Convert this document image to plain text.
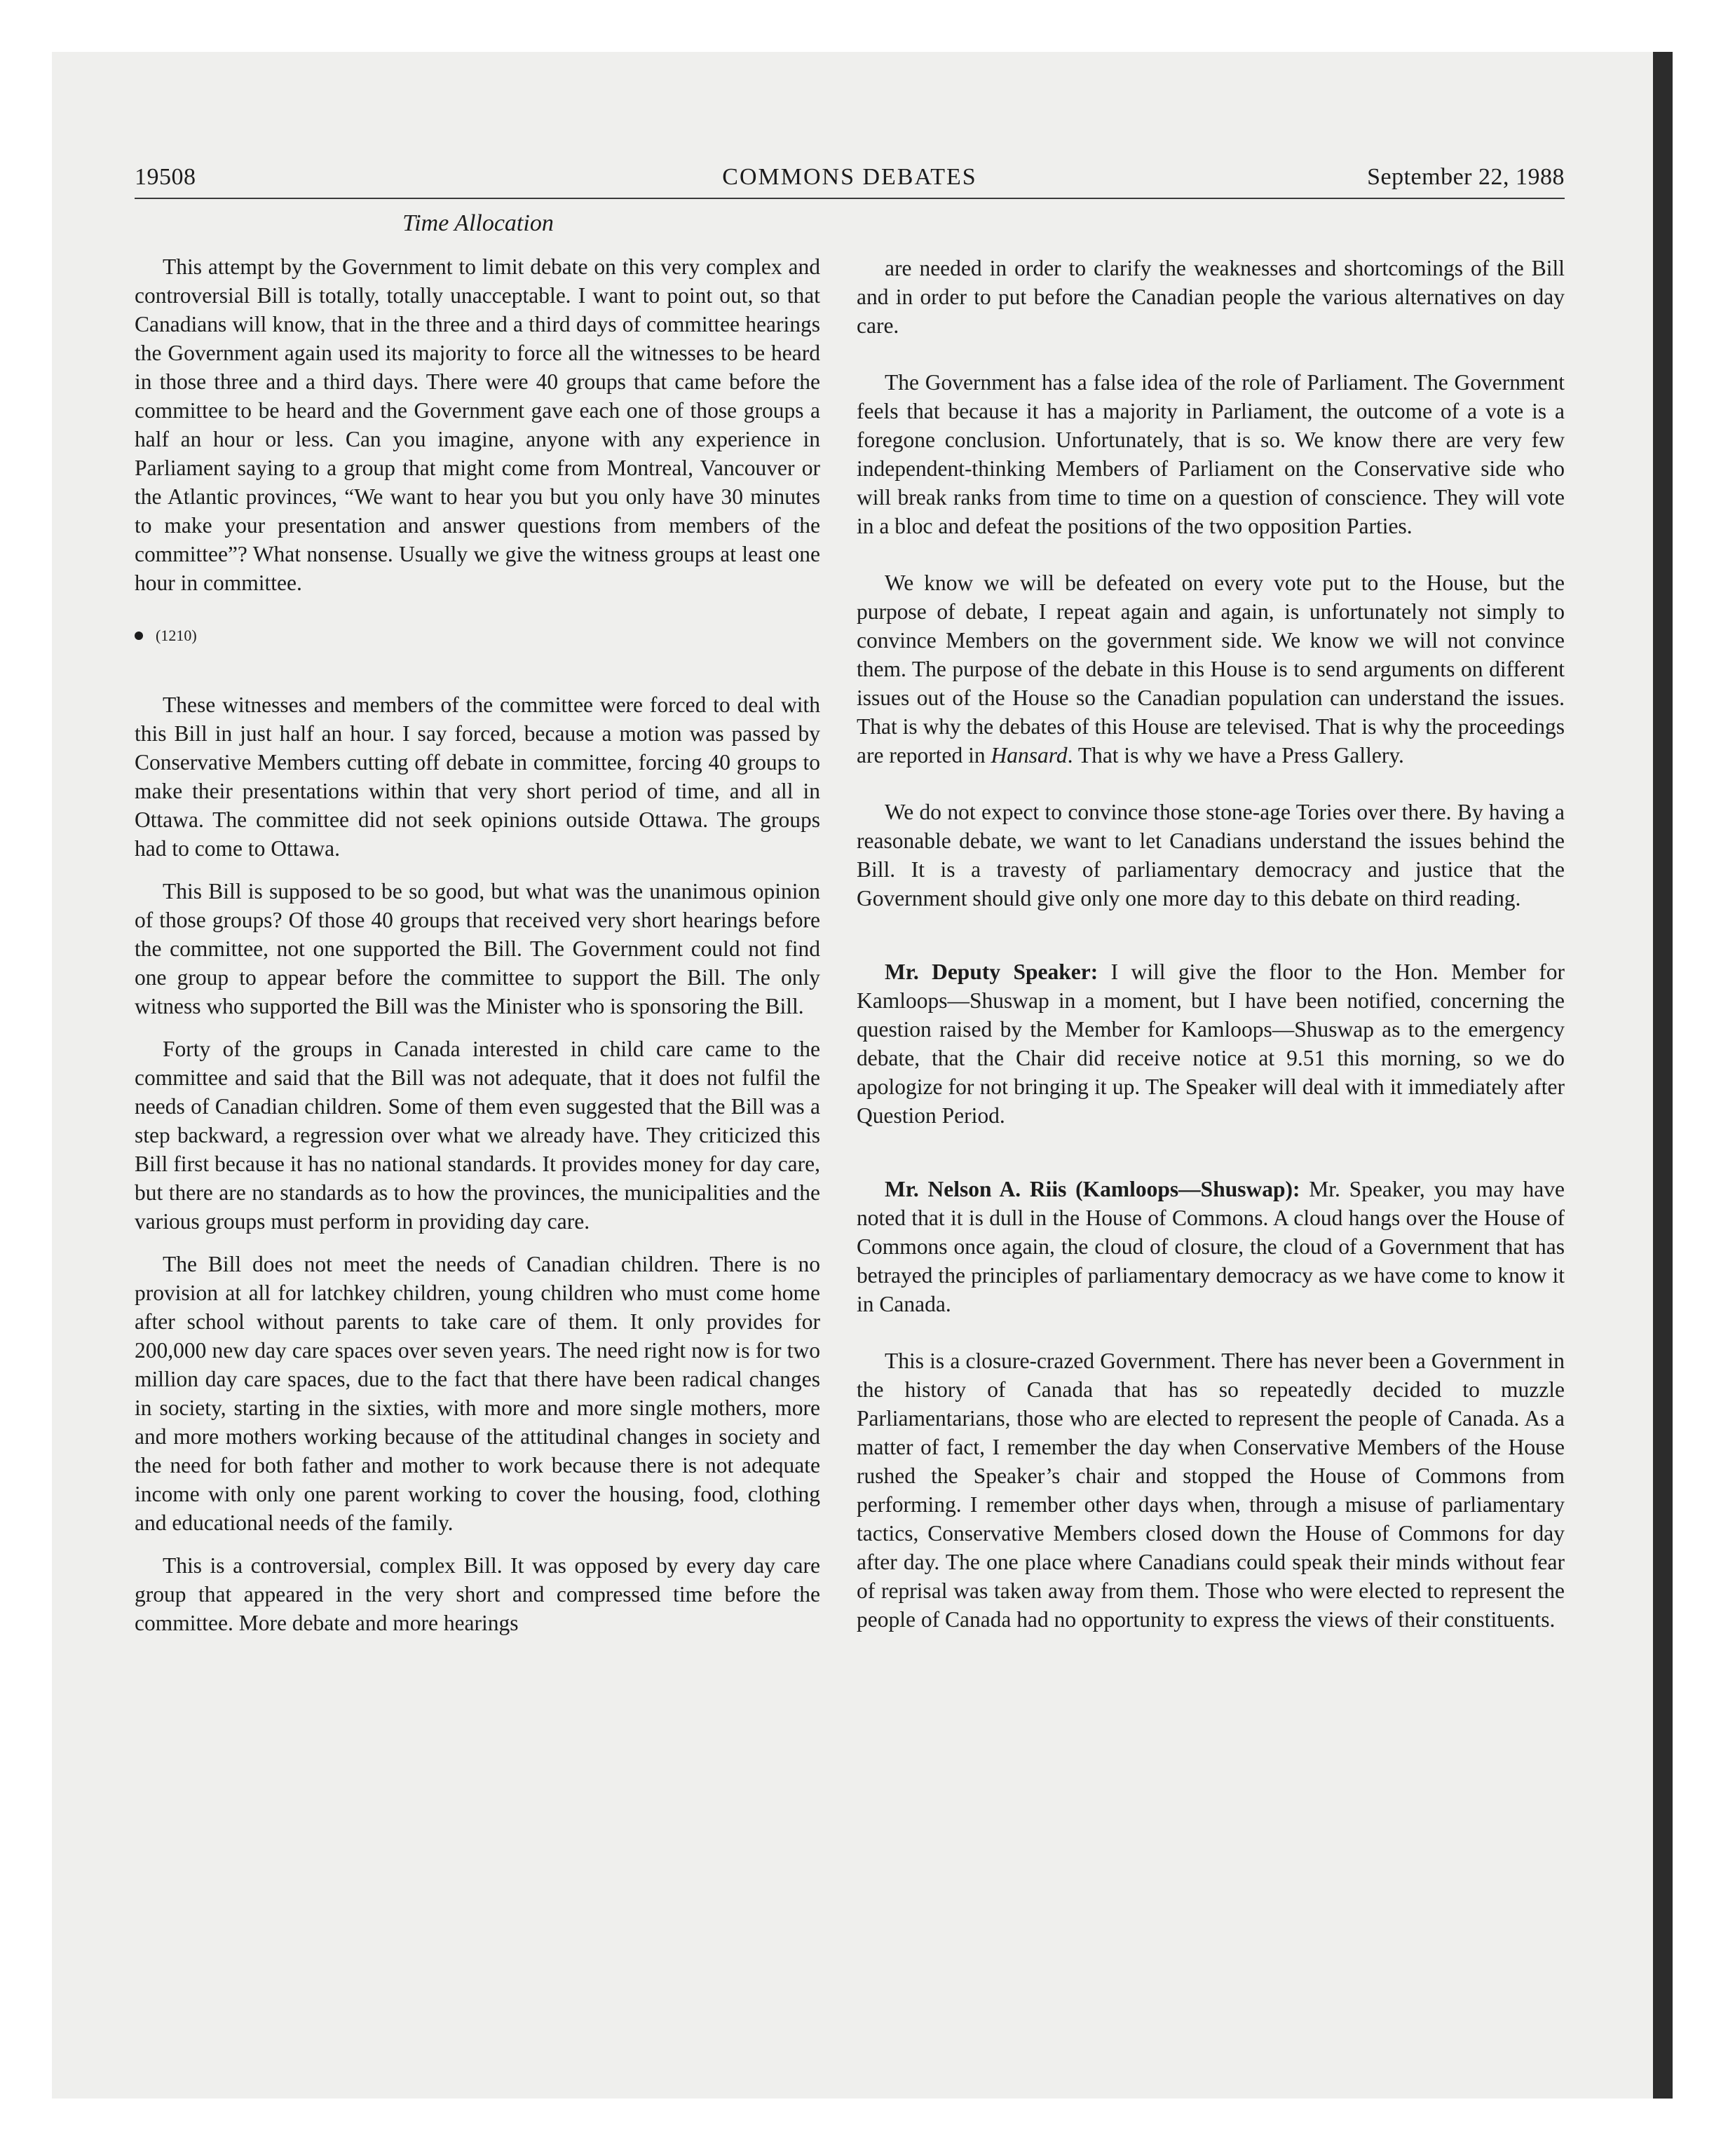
19508	COMMONS DEBATES	September 22, 1988
Time Allocation

This attempt by the Government to limit debate on this very complex and controversial Bill is totally, totally unacceptable. I want to point out, so that Canadians will know, that in the three and a third days of committee hearings the Government again used its majority to force all the witnesses to be heard in those three and a third days. There were 40 groups that came before the committee to be heard and the Government gave each one of those groups a half an hour or less. Can you imagine, anyone with any experience in Parliament saying to a group that might come from Montreal, Vancouver or the Atlantic provinces, “We want to hear you but you only have 30 minutes to make your presentation and answer questions from members of the committee”? What nonsense. Usually we give the witness groups at least one hour in committee.

(1210)

These witnesses and members of the committee were forced to deal with this Bill in just half an hour. I say forced, because a motion was passed by Conservative Members cutting off debate in committee, forcing 40 groups to make their presentations within that very short period of time, and all in Ottawa. The committee did not seek opinions outside Ottawa. The groups had to come to Ottawa.

This Bill is supposed to be so good, but what was the unanimous opinion of those groups? Of those 40 groups that received very short hearings before the committee, not one supported the Bill. The Government could not find one group to appear before the committee to support the Bill. The only witness who supported the Bill was the Minister who is sponsoring the Bill.

Forty of the groups in Canada interested in child care came to the committee and said that the Bill was not adequate, that it does not fulfil the needs of Canadian children. Some of them even suggested that the Bill was a step backward, a regression over what we already have. They criticized this Bill first because it has no national standards. It provides money for day care, but there are no standards as to how the provinces, the municipalities and the various groups must perform in providing day care.

The Bill does not meet the needs of Canadian children. There is no provision at all for latchkey children, young children who must come home after school without parents to take care of them. It only provides for 200,000 new day care spaces over seven years. The need right now is for two million day care spaces, due to the fact that there have been radical changes in society, starting in the sixties, with more and more single mothers, more and more mothers working because of the attitudinal changes in society and the need for both father and mother to work because there is not adequate income with only one parent working to cover the housing, food, clothing and educational needs of the family.

This is a controversial, complex Bill. It was opposed by every day care group that appeared in the very short and compressed time before the committee. More debate and more hearings

are needed in order to clarify the weaknesses and shortcomings of the Bill and in order to put before the Canadian people the various alternatives on day care.

The Government has a false idea of the role of Parliament. The Government feels that because it has a majority in Parliament, the outcome of a vote is a foregone conclusion. Unfortunately, that is so. We know there are very few independent-thinking Members of Parliament on the Conservative side who will break ranks from time to time on a question of conscience. They will vote in a bloc and defeat the positions of the two opposition Parties.

We know we will be defeated on every vote put to the House, but the purpose of debate, I repeat again and again, is unfortunately not simply to convince Members on the government side. We know we will not convince them. The purpose of the debate in this House is to send arguments on different issues out of the House so the Canadian population can understand the issues. That is why the debates of this House are televised. That is why the proceedings are reported in Hansard. That is why we have a Press Gallery.

We do not expect to convince those stone-age Tories over there. By having a reasonable debate, we want to let Canadians understand the issues behind the Bill. It is a travesty of parliamentary democracy and justice that the Government should give only one more day to this debate on third reading.

Mr. Deputy Speaker: I will give the floor to the Hon. Member for Kamloops—Shuswap in a moment, but I have been notified, concerning the question raised by the Member for Kamloops—Shuswap as to the emergency debate, that the Chair did receive notice at 9.51 this morning, so we do apologize for not bringing it up. The Speaker will deal with it immediately after Question Period.

Mr. Nelson A. Riis (Kamloops—Shuswap): Mr. Speaker, you may have noted that it is dull in the House of Commons. A cloud hangs over the House of Commons once again, the cloud of closure, the cloud of a Government that has betrayed the principles of parliamentary democracy as we have come to know it in Canada.

This is a closure-crazed Government. There has never been a Government in the history of Canada that has so repeatedly decided to muzzle Parliamentarians, those who are elected to represent the people of Canada. As a matter of fact, I remember the day when Conservative Members of the House rushed the Speaker’s chair and stopped the House of Commons from performing. I remember other days when, through a misuse of parliamentary tactics, Conservative Members closed down the House of Commons for day after day. The one place where Canadians could speak their minds without fear of reprisal was taken away from them. Those who were elected to represent the people of Canada had no opportunity to express the views of their constituents.
